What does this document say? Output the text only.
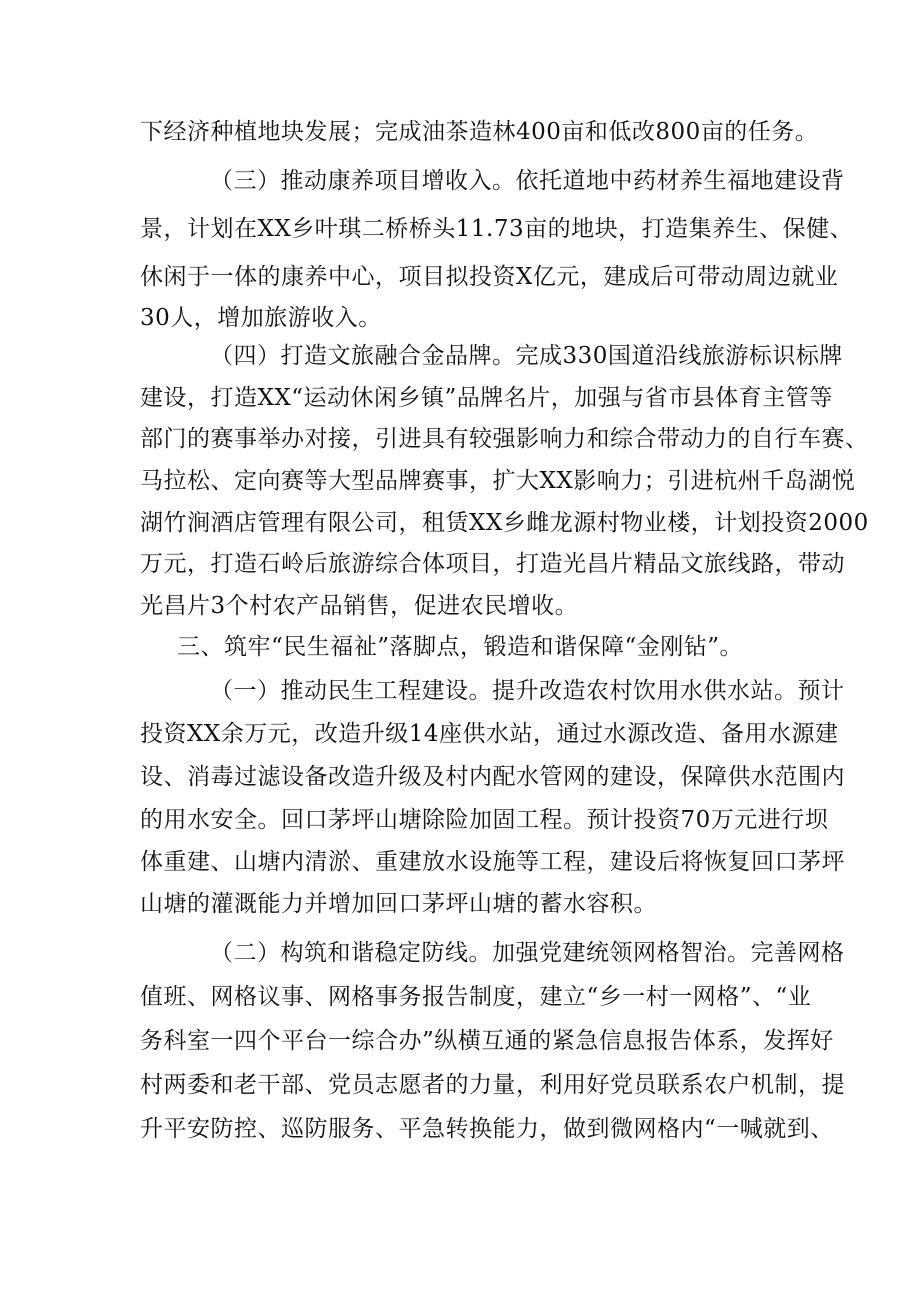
下经济种植地块发展；完成油茶造林400亩和低改800亩的任务。
（三）推动康养项目增收入。依托道地中药材养生福地建设背
景，计划在XX乡叶琪二桥桥头11.73亩的地块，打造集养生、保健、
休闲于一体的康养中心，项目拟投资X亿元，建成后可带动周边就业
30人，增加旅游收入。
（四）打造文旅融合金品牌。完成330国道沿线旅游标识标牌
建设，打造XX“运动休闲乡镇”品牌名片，加强与省市县体育主管等
部门的赛事举办对接，引进具有较强影响力和综合带动力的自行车赛、
马拉松、定向赛等大型品牌赛事，扩大XX影响力；引进杭州千岛湖悦
湖竹涧酒店管理有限公司，租赁XX乡雌龙源村物业楼，计划投资2000
万元，打造石岭后旅游综合体项目，打造光昌片精品文旅线路，带动
光昌片3个村农产品销售，促进农民增收。
三、筑牢“民生福祉”落脚点，锻造和谐保障“金刚钻”。
（一）推动民生工程建设。提升改造农村饮用水供水站。预计
投资XX余万元，改造升级14座供水站，通过水源改造、备用水源建
设、消毒过滤设备改造升级及村内配水管网的建设，保障供水范围内
的用水安全。回口茅坪山塘除险加固工程。预计投资70万元进行坝
体重建、山塘内清淤、重建放水设施等工程，建设后将恢复回口茅坪
山塘的灌溉能力并增加回口茅坪山塘的蓄水容积。
（二）构筑和谐稳定防线。加强党建统领网格智治。完善网格
值班、网格议事、网格事务报告制度，建立“乡一村一网格”、“业
务科室一四个平台一综合办”纵横互通的紧急信息报告体系，发挥好
村两委和老干部、党员志愿者的力量，利用好党员联系农户机制，提
升平安防控、巡防服务、平急转换能力，做到微网格内“一喊就到、
